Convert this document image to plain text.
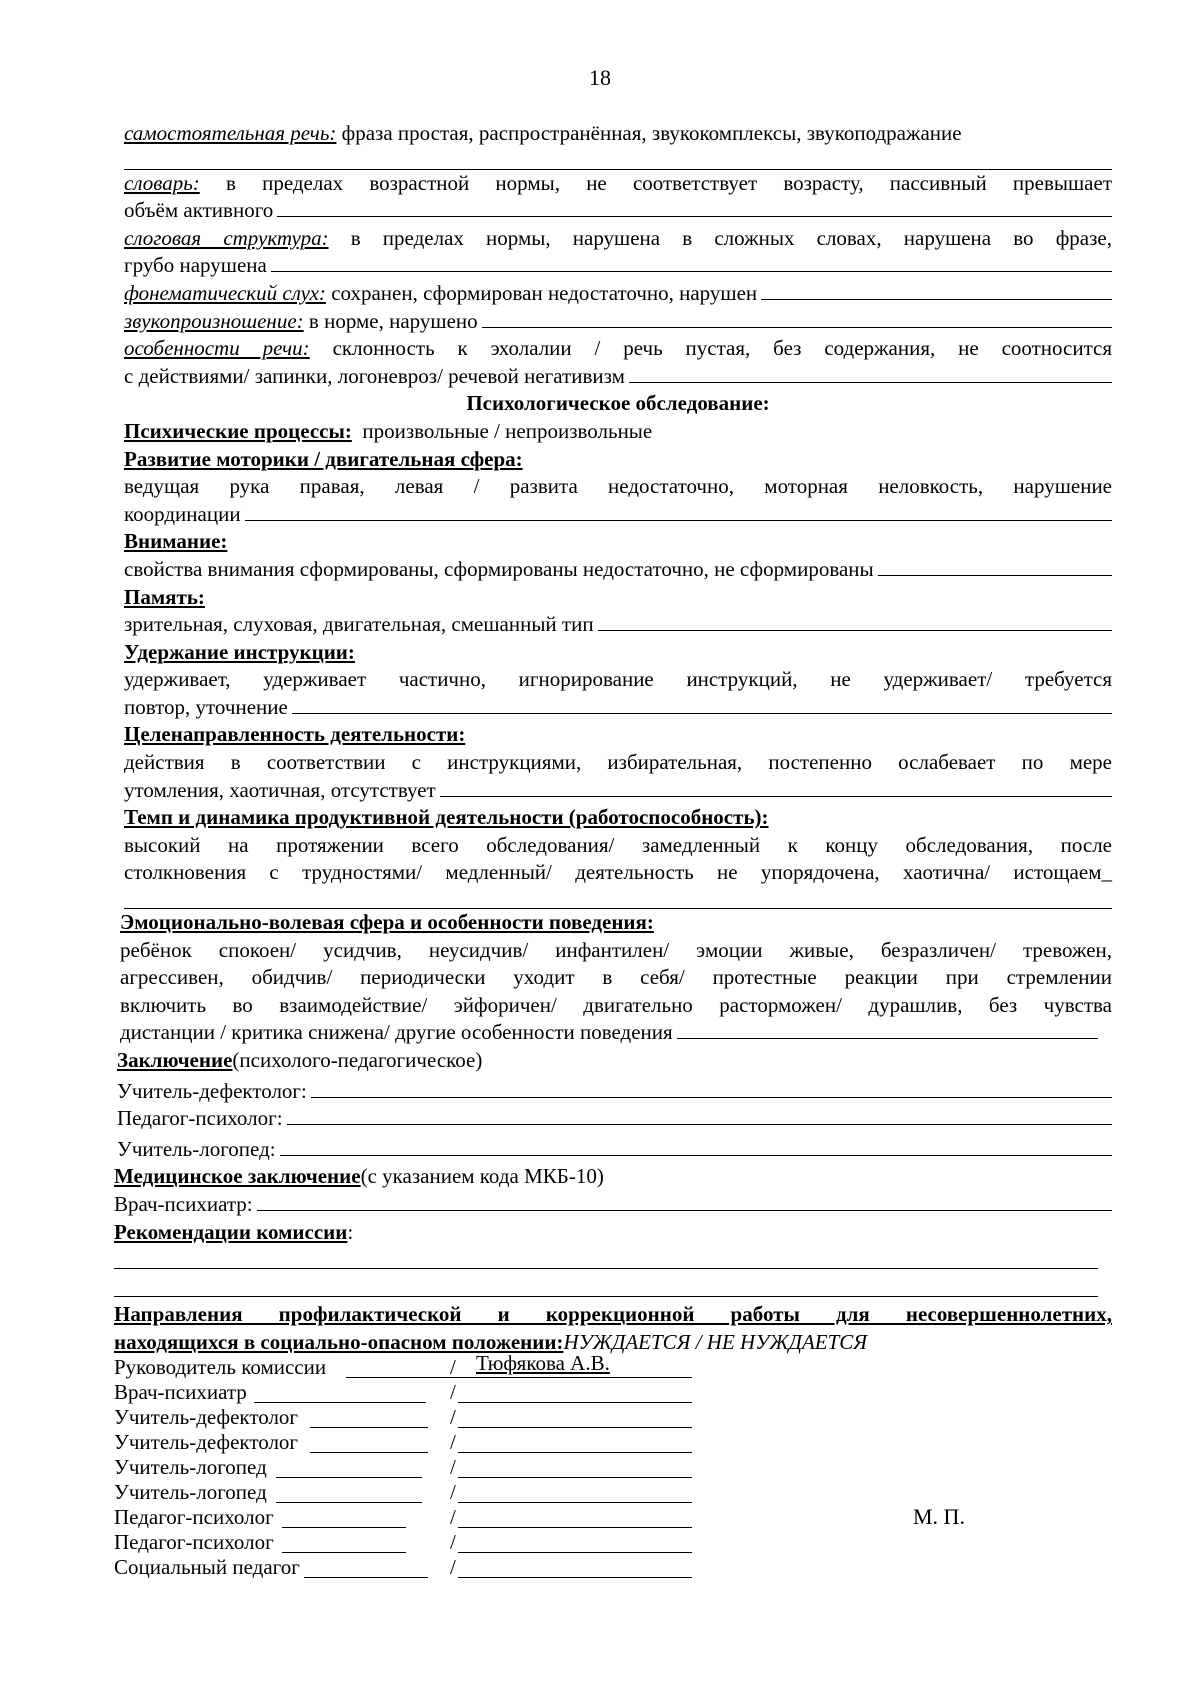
18
самостоятельная речь:
фраза простая, распространённая, звукокомплексы, звукоподражание
словарь: в пределах возрастной нормы, не соответствует возрасту, пассивный превышает
объём активного
слоговая структура: в пределах нормы, нарушена в сложных словах, нарушена во фразе,
грубо нарушена
фонематический слух:
сохранен, сформирован недостаточно, нарушен
звукопроизношение:
в норме, нарушено
особенности речи: склонность к эхолалии / речь пустая, без содержания, не соотносится
с действиями/ запинки, логоневроз/ речевой негативизм
Психологическое обследование:
Психические процессы:
произвольные / непроизвольные
Развитие моторики / двигательная сфера:
ведущая рука правая, левая / развита недостаточно, моторная неловкость, нарушение
координации
Внимание:
свойства внимания сформированы, сформированы недостаточно, не сформированы
Память:
зрительная, слуховая, двигательная, смешанный тип
Удержание инструкции:
удерживает, удерживает частично, игнорирование инструкций, не удерживает/ требуется
повтор, уточнение
Целенаправленность деятельности:
действия в соответствии с инструкциями, избирательная, постепенно ослабевает по мере
утомления, хаотичная, отсутствует
Темп и динамика продуктивной деятельности (работоспособность):
высокий на протяжении всего обследования/ замедленный к концу обследования, после
столкновения с трудностями/ медленный/ деятельность не упорядочена, хаотична/ истощаем_
Эмоционально-волевая сфера и особенности поведения:
ребёнок спокоен/ усидчив, неусидчив/ инфантилен/ эмоции живые, безразличен/ тревожен,
агрессивен, обидчив/ периодически уходит в себя/ протестные реакции при стремлении
включить во взаимодействие/ эйфоричен/ двигательно расторможен/ дурашлив, без чувства
дистанции / критика снижена/ другие особенности поведения
Заключение (психолого-педагогическое)
Учитель-дефектолог:
Педагог-психолог:
Учитель-логопед:
Медицинское заключение (с указанием кода МКБ-10)
Врач-психиатр:
Рекомендации комиссии :
Направления профилактической и коррекционной работы для несовершеннолетних,
находящихся в социально-опасном положении: НУЖДАЕТСЯ / НЕ НУЖДАЕТСЯ
Руководитель комиссии	/ Тюфякова А.В.
Врач-психиатр	/
Учитель-дефектолог	/
Учитель-дефектолог	/
Учитель-логопед	/
Учитель-логопед	/
Педагог-психолог	/
Педагог-психолог	/
Социальный педагог	/
М. П.
